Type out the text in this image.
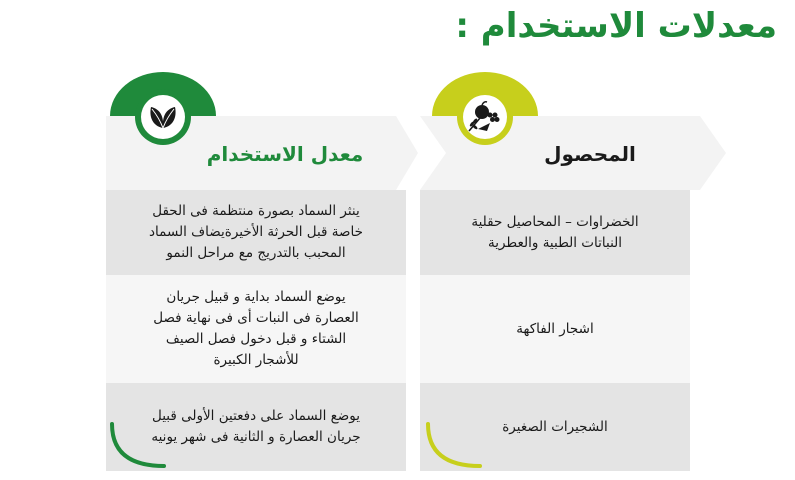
معدلات الاستخدام :
المحصول
الخضراوات – المحاصيل حقلية
النباتات الطبية والعطرية
اشجار الفاكهة
الشجيرات الصغيرة
معدل الاستخدام
ينثر السماد بصورة منتظمة فى الحقل
خاصة قبل الحرثة الأخيرةيضاف السماد
المحبب بالتدريج مع مراحل النمو
يوضع السماد بداية و قبيل جريان
العصارة فى النبات أى فى نهاية فصل
الشتاء و قبل دخول فصل الصيف
للأشجار الكبيرة
يوضع السماد على دفعتين الأولى قبيل
جريان العصارة و الثانية فى شهر يونيه
